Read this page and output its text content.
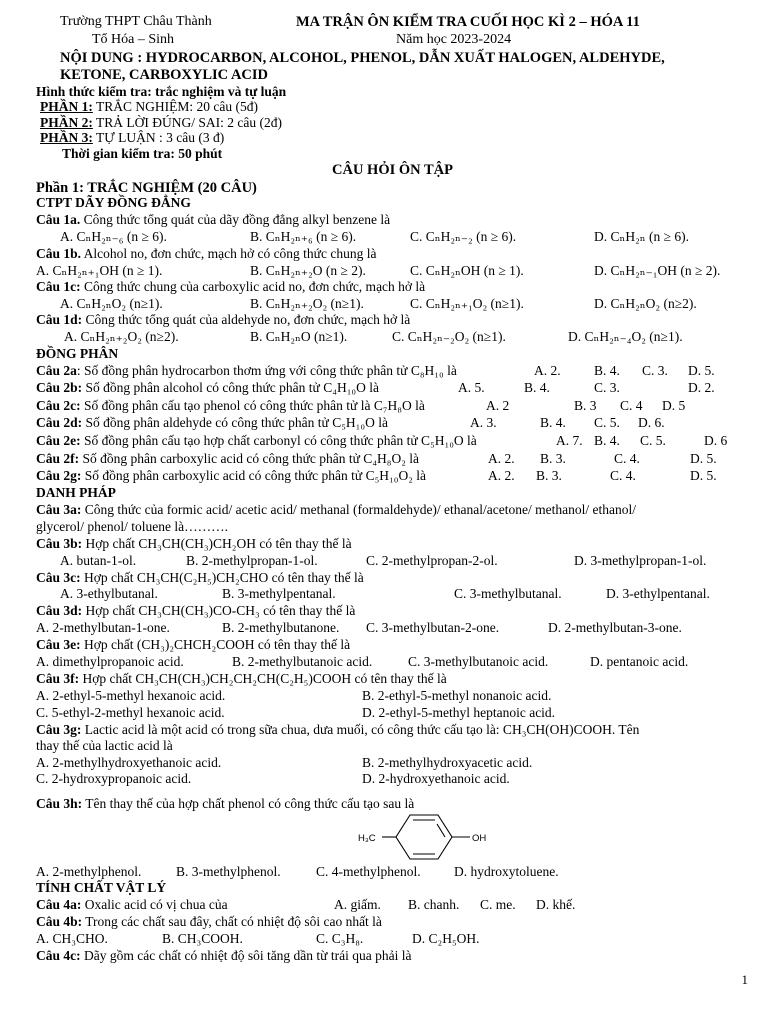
Trường THPT Châu Thành	MA TRẬN ÔN KIỂM TRA CUỐI HỌC KÌ 2 – HÓA 11
Tổ Hóa – Sinh	Năm học 2023-2024
NỘI DUNG : HYDROCARBON, ALCOHOL, PHENOL, DẪN XUẤT HALOGEN, ALDEHYDE,
KETONE, CARBOXYLIC ACID
Hình thức kiểm tra: trắc nghiệm và tự luận
PHẦN 1: TRẮC NGHIỆM: 20 câu (5đ)
PHẦN 2: TRẢ LỜI ĐÚNG/ SAI: 2 câu (2đ)
PHẦN 3: TỰ LUẬN : 3 câu (3 đ)
Thời gian kiểm tra: 50 phút
CÂU HỎI ÔN TẬP
Phần 1: TRẮC NGHIỆM (20 CÂU)
CTPT DÃY ĐỒNG ĐẲNG
Câu 1a. Công thức tổng quát của dãy đồng đẳng alkyl benzene là
A. CₙH₂ₙ₋₆ (n ≥ 6).	B. CₙH₂ₙ₊₆ (n ≥ 6).	C. CₙH₂ₙ₋₂ (n ≥ 6).	D. CₙH₂ₙ (n ≥ 6).
Câu 1b. Alcohol no, đơn chức, mạch hở có công thức chung là
A. CₙH₂ₙ₊₁OH (n ≥ 1).	B. CₙH₂ₙ₊₂O (n ≥ 2).	C. CₙH₂ₙOH (n ≥ 1).	D. CₙH₂ₙ₋₁OH (n ≥ 2).
Câu 1c: Công thức chung của carboxylic acid no, đơn chức, mạch hở là
A. CₙH₂ₙO₂ (n≥1).	B. CₙH₂ₙ₊₂O₂ (n≥1).	C. CₙH₂ₙ₊₁O₂ (n≥1).	D. CₙH₂ₙO₂ (n≥2).
Câu 1d: Công thức tổng quát của aldehyde no, đơn chức, mạch hở là
A. CₙH₂ₙ₊₂O₂ (n≥2).	B. CₙH₂ₙO (n≥1).	C. CₙH₂ₙ₋₂O₂ (n≥1).	D. CₙH₂ₙ₋₄O₂ (n≥1).
ĐỒNG PHÂN
Câu 2a: Số đồng phân hydrocarbon thơm ứng với công thức phân tử C₈H₁₀ là	A. 2. B. 4. C. 3. D. 5.
Câu 2b: Số đồng phân alcohol có công thức phân tử C₄H₁₀O là	A. 5.	B. 4.	C. 3.	D. 2.
Câu 2c: Số đồng phân cấu tạo phenol có công thức phân tử là C₇H₈O là	A. 2	B. 3 C. 4 D. 5
Câu 2d: Số đồng phân aldehyde có công thức phân tử C₅H₁₀O là	A. 3.	B. 4. C. 5. D. 6.
Câu 2e: Số đồng phân cấu tạo hợp chất carbonyl có công thức phân tử C₅H₁₀O là	A. 7. B. 4. C. 5.	D. 6
Câu 2f: Số đồng phân carboxylic acid có công thức phân tử C₄H₈O₂ là	A. 2. B. 3.	C. 4.	D. 5.
Câu 2g: Số đồng phân carboxylic acid có công thức phân tử C₅H₁₀O₂ là	A. 2. B. 3.	C. 4.	D. 5.
DANH PHÁP
Câu 3a: Công thức của formic acid/ acetic acid/ methanal (formaldehyde)/ ethanal/acetone/ methanol/ ethanol/
glycerol/ phenol/ toluene là……….
Câu 3b: Hợp chất CH₃CH(CH₃)CH₂OH có tên thay thế là
A. butan-1-ol.	B. 2-methylpropan-1-ol.	C. 2-methylpropan-2-ol.	D. 3-methylpropan-1-ol.
Câu 3c: Hợp chất CH₃CH(C₂H₅)CH₂CHO có tên thay thế là
A. 3-ethylbutanal.	B. 3-methylpentanal.	C. 3-methylbutanal.	D. 3-ethylpentanal.
Câu 3d: Hợp chất CH₃CH(CH₃)CO-CH₃ có tên thay thế là
A. 2-methylbutan-1-one.	B. 2-methylbutanone. C. 3-methylbutan-2-one.	D. 2-methylbutan-3-one.
Câu 3e: Hợp chất (CH₃)₂CHCH₂COOH có tên thay thế là
A. dimethylpropanoic acid.	B. 2-methylbutanoic acid.	C. 3-methylbutanoic acid.	D. pentanoic acid.
Câu 3f: Hợp chất CH₃CH(CH₃)CH₂CH₂CH(C₂H₅)COOH có tên thay thế là
A. 2-ethyl-5-methyl hexanoic acid.	B. 2-ethyl-5-methyl nonanoic acid.
C. 5-ethyl-2-methyl hexanoic acid.	D. 2-ethyl-5-methyl heptanoic acid.
Câu 3g: Lactic acid là một acid có trong sữa chua, dưa muối, có công thức cấu tạo là: CH₃CH(OH)COOH. Tên
thay thế của lactic acid là
A. 2-methylhydroxyethanoic acid.	B. 2-methylhydroxyacetic acid.
C. 2-hydroxypropanoic acid.	D. 2-hydroxyethanoic acid.
Câu 3h: Tên thay thế của hợp chất phenol có công thức cấu tạo sau là
H₃C	OH
A. 2-methylphenol.	B. 3-methylphenol.	C. 4-methylphenol. D. hydroxytoluene.
TÍNH CHẤT VẬT LÝ
Câu 4a: Oxalic acid có vị chua của	A. giấm. B. chanh. C. me. D. khế.
Câu 4b: Trong các chất sau đây, chất có nhiệt độ sôi cao nhất là
A. CH₃CHO.	B. CH₃COOH.	C. C₃H₈.	D. C₂H₅OH.
Câu 4c: Dãy gồm các chất có nhiệt độ sôi tăng dần từ trái qua phải là
1
